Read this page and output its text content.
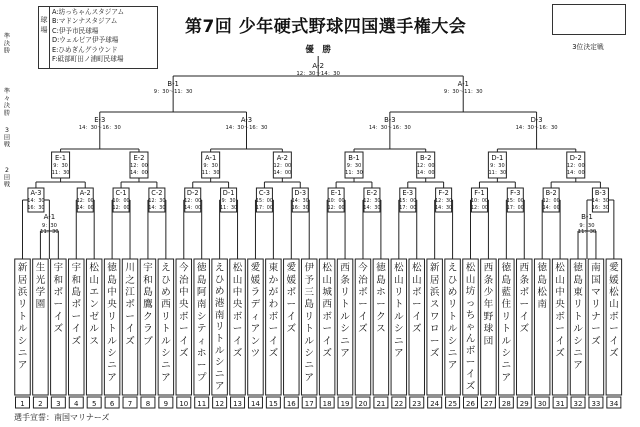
新居浜リトルシニア
1
生光学園
2
宇和ボーイズ
3
宇和島ボーイズ
4
松山エンゼルス
5
徳島中央リトルシニア
6
川之江ボーイズ
7
宇和島鷹クラブ
8
えひめ西リトルシニア
9
今治中央ボーイズ
10
徳島阿南シティホープ
11
えひめ港南リトルシニア
12
松山中央ボーイズ
13
愛媛ラディアンツ
14
東かがわボーイズ
15
愛媛ボーイズ
16
伊予三島リトルシニア
17
松山城西ボーイズ
18
西条リトルシニア
19
今治ボーイズ
20
徳島ホークス
21
松山リトルシニア
22
松山ボーイズ
23
新居浜スワローズ
24
えひめリトルシニア
25
松山坊っちゃんボーイズ
26
西条少年野球団
27
徳島藍住リトルシニア
28
西条ボーイズ
29
徳島松南
30
松山中央ボーイズ
31
徳島東リトルシニア
32
南国マリナーズ
33
愛媛松山ボーイズ
34
2 回戦
3 回戦
準々決勝
準決勝
A-1
9：30
11：30
B-1
9：30
11：30
A-3
14：30
16：30
A-2
12：00
14：00
C-1
10：00
12：00
C-2
12：30
14：30
D-2
12：00
14：00
D-1
9：30
11：30
C-3
15：00
17：00
D-3
14：30
16：30
E-1
10：00
12：00
E-2
12：30
14：30
E-3
15：00
17：00
F-2
12：30
14：30
F-1
10：00
12：00
F-3
15：00
17：00
B-2
12：00
14：00
B-3
14：30
16：30
E-1
9：30
11：30
E-2
12：00
14：00
A-1
9：30
11：30
A-2
12：00
14：00
B-1
9：30
11：30
B-2
12：00
14：00
D-1
9：30
11：30
D-2
12：00
14：00
E-3
14：30～16：30
A-3
14：30～16：30
B-3
14：30～16：30
D-3
14：30～16：30
B-1
9：30～11：30
A-1
9：30～11：30
A-2
12：30～14：30
優　勝
球場
A:坊っちゃんスタジアム
B:マドンナスタジアム
C:伊予市民球場
D:ウェルピア伊予球場
E:ひめぎんグラウンド
F:砥部町田ノ浦町民球場
第7回 少年硬式野球四国選手権大会
3位決定戦
選手宣誓：南国マリナーズ
